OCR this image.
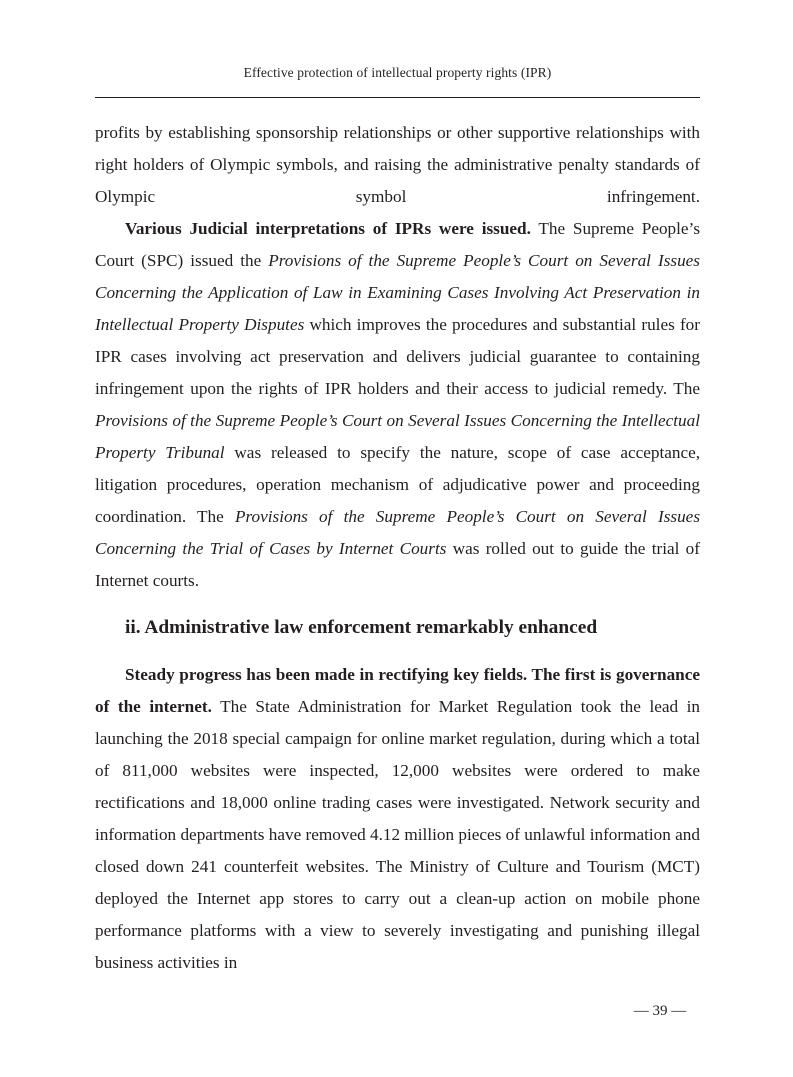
Effective protection of intellectual property rights (IPR)

profits by establishing sponsorship relationships or other supportive relationships with right holders of Olympic symbols, and raising the administrative penalty standards of Olympic symbol infringement.

Various Judicial interpretations of IPRs were issued. The Supreme People’s Court (SPC) issued the Provisions of the Supreme People’s Court on Several Issues Concerning the Application of Law in Examining Cases Involving Act Preservation in Intellectual Property Disputes which improves the procedures and substantial rules for IPR cases involving act preservation and delivers judicial guarantee to containing infringement upon the rights of IPR holders and their access to judicial remedy. The Provisions of the Supreme People’s Court on Several Issues Concerning the Intellectual Property Tribunal was released to specify the nature, scope of case acceptance, litigation procedures, operation mechanism of adjudicative power and proceeding coordination. The Provisions of the Supreme People’s Court on Several Issues Concerning the Trial of Cases by Internet Courts was rolled out to guide the trial of Internet courts.

ii. Administrative law enforcement remarkably enhanced

Steady progress has been made in rectifying key fields. The first is governance of the internet. The State Administration for Market Regulation took the lead in launching the 2018 special campaign for online market regulation, during which a total of 811,000 websites were inspected, 12,000 websites were ordered to make rectifications and 18,000 online trading cases were investigated. Network security and information departments have removed 4.12 million pieces of unlawful information and closed down 241 counterfeit websites. The Ministry of Culture and Tourism (MCT) deployed the Internet app stores to carry out a clean-up action on mobile phone performance platforms with a view to severely investigating and punishing illegal business activities in

— 39 —
